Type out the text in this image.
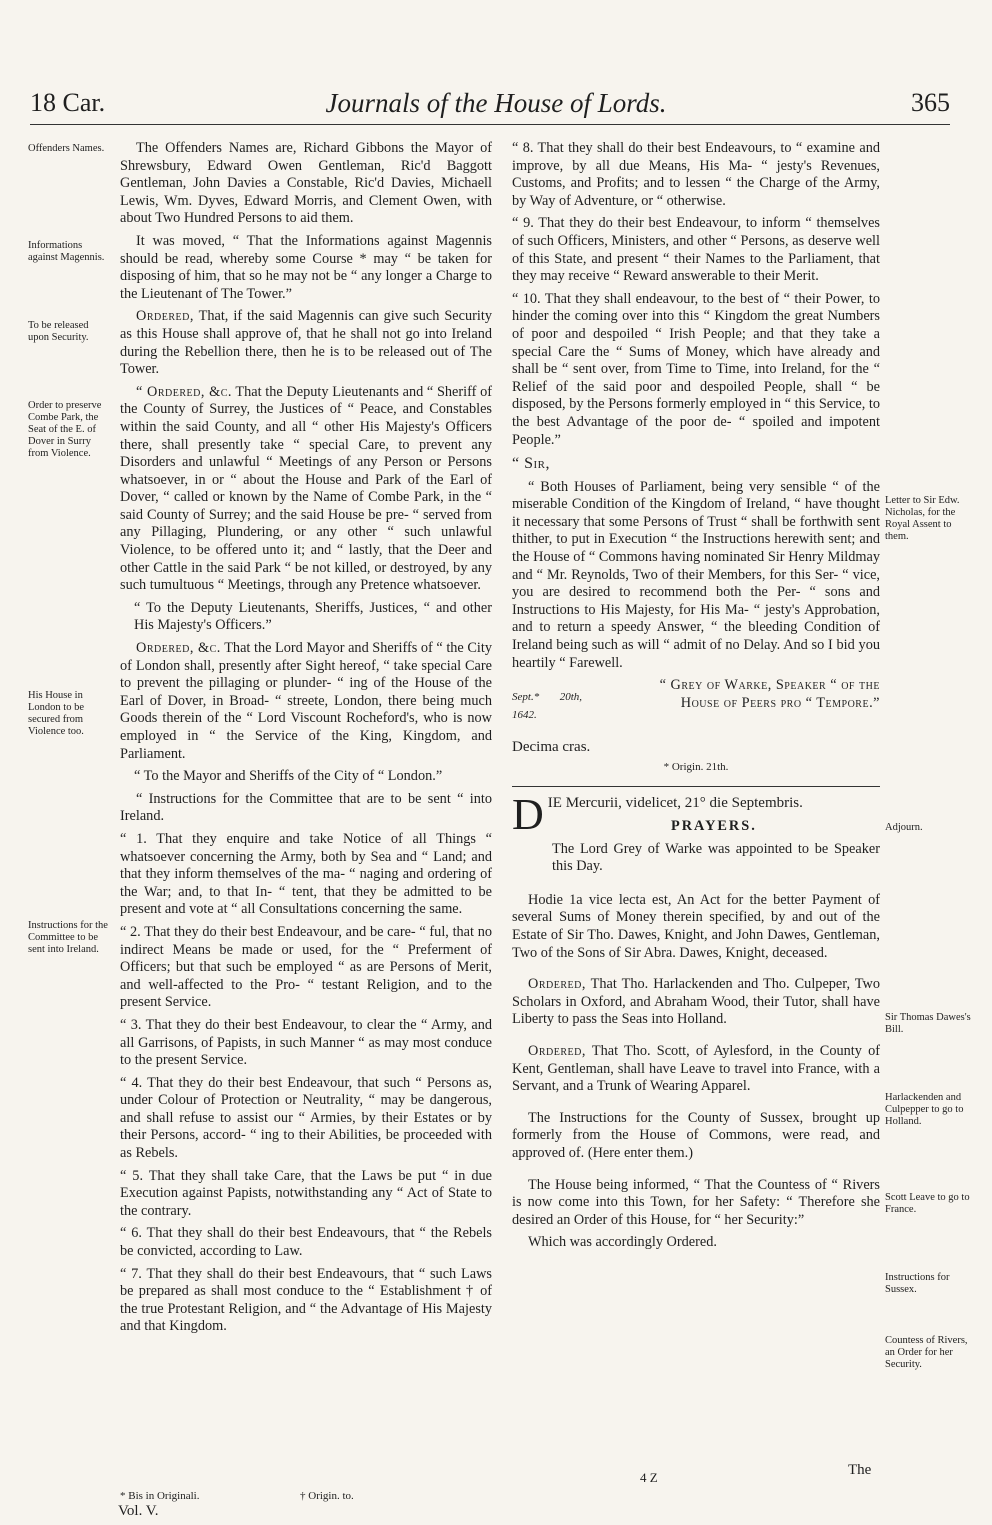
18 Car.	Journals of the House of Lords.	365
Offenders Names.
Informations against Magennis.
To be released upon Security.
Order to preserve Combe Park, the Seat of the E. of Dover in Surry from Violence.
His House in London to be secured from Violence too.
Instructions for the Committee to be sent into Ireland.
Letter to Sir Edw. Nicholas, for the Royal Assent to them.
Adjourn.
Sir Thomas Dawes's Bill.
Harlackenden and Culpepper to go to Holland.
Scott Leave to go to France.
Instructions for Sussex.
Countess of Rivers, an Order for her Security.

The Offenders Names are, Richard Gibbons the Mayor of Shrewsbury, Edward Owen Gentleman, Ric'd Baggott Gentleman, John Davies a Constable, Ric'd Davies, Michaell Lewis, Wm. Dyves, Edward Morris, and Clement Owen, with about Two Hundred Persons to aid them.

It was moved, “ That the Informations against Magennis should be read, whereby some Course * may “ be taken for disposing of him, that so he may not be “ any longer a Charge to the Lieutenant of The Tower.”

Ordered, That, if the said Magennis can give such Security as this House shall approve of, that he shall not go into Ireland during the Rebellion there, then he is to be released out of The Tower.

“ Ordered, &c. That the Deputy Lieutenants and “ Sheriff of the County of Surrey, the Justices of “ Peace, and Constables within the said County, and all “ other His Majesty's Officers there, shall presently take “ special Care, to prevent any Disorders and unlawful “ Meetings of any Person or Persons whatsoever, in or “ about the House and Park of the Earl of Dover, “ called or known by the Name of Combe Park, in the “ said County of Surrey; and the said House be pre- “ served from any Pillaging, Plundering, or any other “ such unlawful Violence, to be offered unto it; and “ lastly, that the Deer and other Cattle in the said Park “ be not killed, or destroyed, by any such tumultuous “ Meetings, through any Pretence whatsoever.

“ To the Deputy Lieutenants, Sheriffs, Justices, “ and other His Majesty's Officers.”

Ordered, &c. That the Lord Mayor and Sheriffs of “ the City of London shall, presently after Sight hereof, “ take special Care to prevent the pillaging or plunder- “ ing of the House of the Earl of Dover, in Broad- “ streete, London, there being much Goods therein of the “ Lord Viscount Rocheford's, who is now employed in “ the Service of the King, Kingdom, and Parliament.

“ To the Mayor and Sheriffs of the City of “ London.”

“ Instructions for the Committee that are to be sent “ into Ireland.

“ 1. That they enquire and take Notice of all Things “ whatsoever concerning the Army, both by Sea and “ Land; and that they inform themselves of the ma- “ naging and ordering of the War; and, to that In- “ tent, that they be admitted to be present and vote at “ all Consultations concerning the same.

“ 2. That they do their best Endeavour, and be care- “ ful, that no indirect Means be made or used, for the “ Preferment of Officers; but that such be employed “ as are Persons of Merit, and well-affected to the Pro- “ testant Religion, and to the present Service.

“ 3. That they do their best Endeavour, to clear the “ Army, and all Garrisons, of Papists, in such Manner “ as may most conduce to the present Service.

“ 4. That they do their best Endeavour, that such “ Persons as, under Colour of Protection or Neutrality, “ may be dangerous, and shall refuse to assist our “ Armies, by their Estates or by their Persons, accord- “ ing to their Abilities, be proceeded with as Rebels.

“ 5. That they shall take Care, that the Laws be put “ in due Execution against Papists, notwithstanding any “ Act of State to the contrary.

“ 6. That they shall do their best Endeavours, that “ the Rebels be convicted, according to Law.

“ 7. That they shall do their best Endeavours, that “ such Laws be prepared as shall most conduce to the “ Establishment † of the true Protestant Religion, and “ the Advantage of His Majesty and that Kingdom.

“ 8. That they shall do their best Endeavours, to “ examine and improve, by all due Means, His Ma- “ jesty's Revenues, Customs, and Profits; and to lessen “ the Charge of the Army, by Way of Adventure, or “ otherwise.

“ 9. That they do their best Endeavour, to inform “ themselves of such Officers, Ministers, and other “ Persons, as deserve well of this State, and present “ their Names to the Parliament, that they may receive “ Reward answerable to their Merit.

“ 10. That they shall endeavour, to the best of “ their Power, to hinder the coming over into this “ Kingdom the great Numbers of poor and despoiled “ Irish People; and that they take a special Care the “ Sums of Money, which have already and shall be “ sent over, from Time to Time, into Ireland, for the “ Relief of the said poor and despoiled People, shall “ be disposed, by the Persons formerly employed in “ this Service, to the best Advantage of the poor de- “ spoiled and impotent People.”

“ Sir,

“ Both Houses of Parliament, being very sensible “ of the miserable Condition of the Kingdom of Ireland, “ have thought it necessary that some Persons of Trust “ shall be forthwith sent thither, to put in Execution “ the Instructions herewith sent; and the House of “ Commons having nominated Sir Henry Mildmay and “ Mr. Reynolds, Two of their Members, for this Ser- “ vice, you are desired to recommend both the Per- “ sons and Instructions to His Majesty, for His Ma- “ jesty's Approbation, and to return a speedy Answer, “ the bleeding Condition of Ireland being such as will “ admit of no Delay. And so I bid you heartily “ Farewell.

Sept.* 20th, 1642.
“ Grey of Warke, Speaker “ of the House of Peers pro “ Tempore.”

Decima cras.

* Origin. 21th.

DIE Mercurii, videlicet, 21° die Septembris.

PRAYERS.

The Lord Grey of Warke was appointed to be Speaker this Day.

Hodie 1a vice lecta est, An Act for the better Payment of several Sums of Money therein specified, by and out of the Estate of Sir Tho. Dawes, Knight, and John Dawes, Gentleman, Two of the Sons of Sir Abra. Dawes, Knight, deceased.

Ordered, That Tho. Harlackenden and Tho. Culpeper, Two Scholars in Oxford, and Abraham Wood, their Tutor, shall have Liberty to pass the Seas into Holland.

Ordered, That Tho. Scott, of Aylesford, in the County of Kent, Gentleman, shall have Leave to travel into France, with a Servant, and a Trunk of Wearing Apparel.

The Instructions for the County of Sussex, brought up formerly from the House of Commons, were read, and approved of. (Here enter them.)

The House being informed, “ That the Countess of “ Rivers is now come into this Town, for her Safety: “ Therefore she desired an Order of this House, for “ her Security:”

Which was accordingly Ordered.

* Bis in Originali.	† Origin. to.
Vol. V.
4 Z	The
